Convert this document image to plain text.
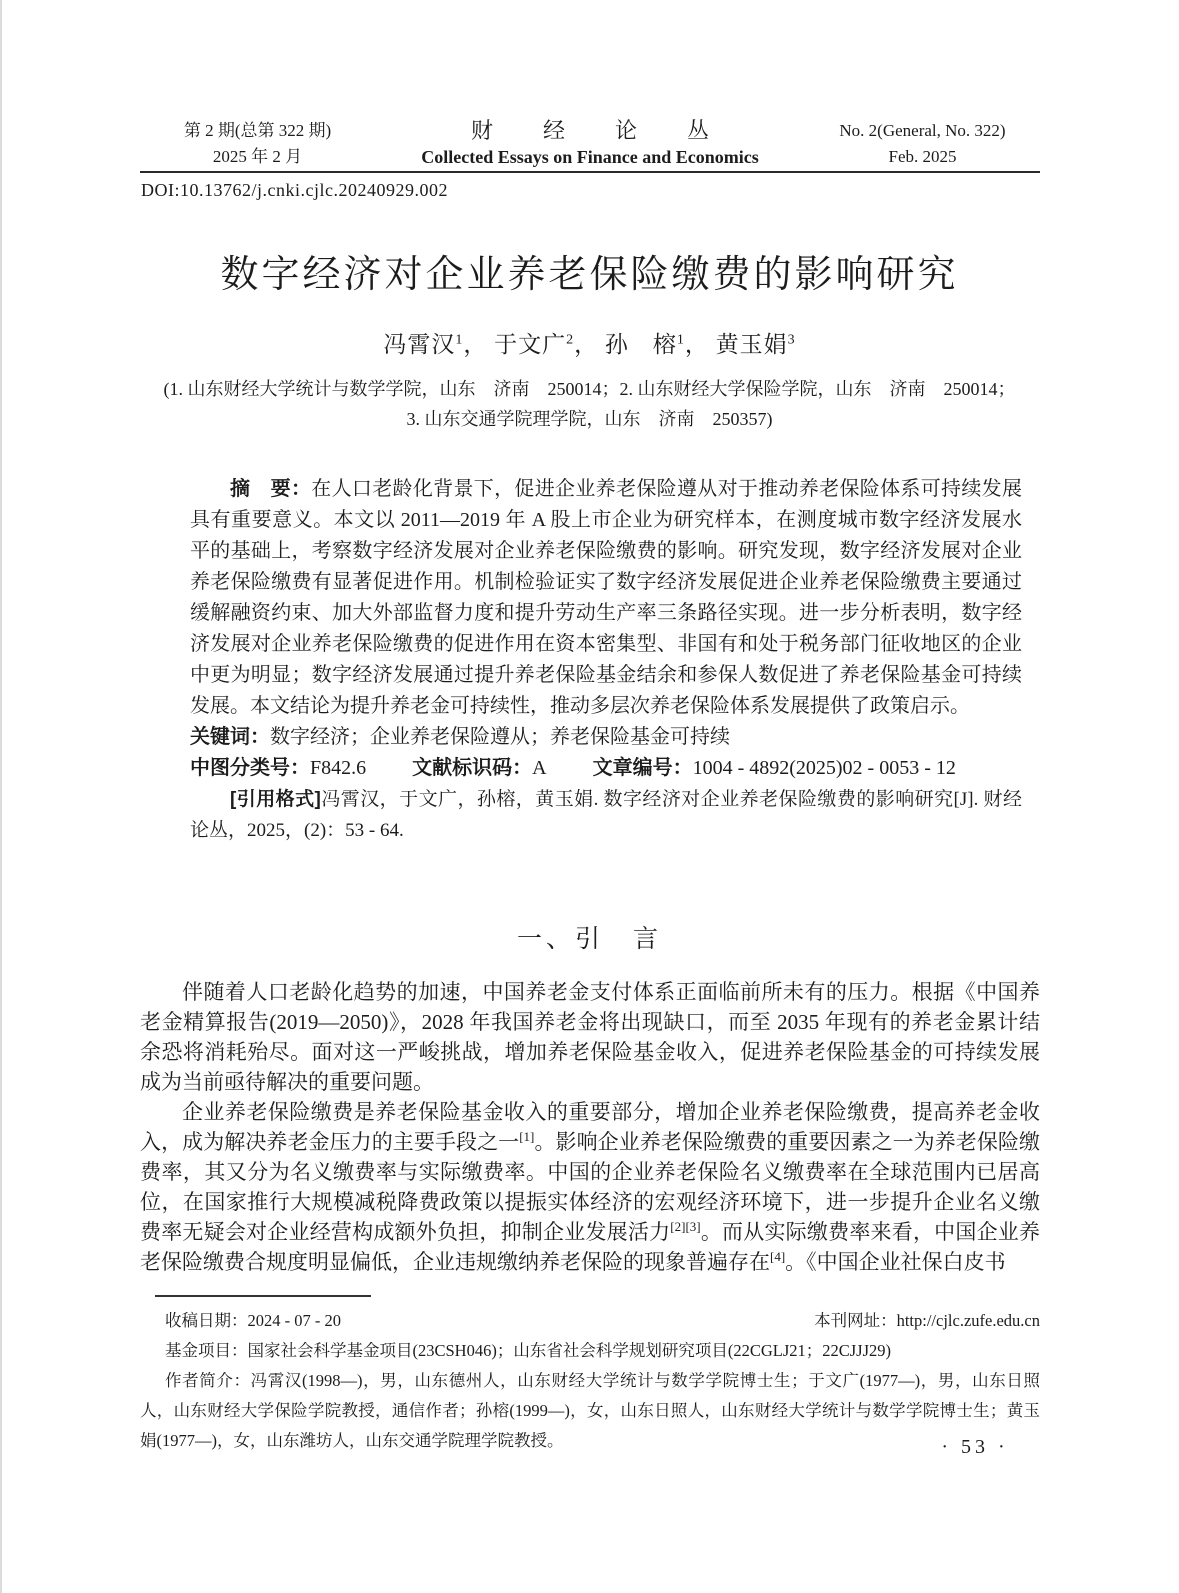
第 2 期(总第 322 期)
2025 年 2 月
财　经　论　丛
Collected Essays on Finance and Economics
No. 2(General, No. 322)
Feb. 2025
DOI:10.13762/j.cnki.cjlc.20240929.002
数字经济对企业养老保险缴费的影响研究
冯霄汉$^1$， 于文广$^2$， 孙　榕$^1$， 黄玉娟$^3$
(1. 山东财经大学统计与数学学院，山东　济南　250014；2. 山东财经大学保险学院，山东　济南　250014；
3. 山东交通学院理学院，山东　济南　250357)

摘　要：在人口老龄化背景下，促进企业养老保险遵从对于推动养老保险体系可持续发展具有重要意义。本文以 2011—2019 年 A 股上市企业为研究样本，在测度城市数字经济发展水平的基础上，考察数字经济发展对企业养老保险缴费的影响。研究发现，数字经济发展对企业养老保险缴费有显著促进作用。机制检验证实了数字经济发展促进企业养老保险缴费主要通过缓解融资约束、加大外部监督力度和提升劳动生产率三条路径实现。进一步分析表明，数字经济发展对企业养老保险缴费的促进作用在资本密集型、非国有和处于税务部门征收地区的企业中更为明显；数字经济发展通过提升养老保险基金结余和参保人数促进了养老保险基金可持续发展。本文结论为提升养老金可持续性，推动多层次养老保险体系发展提供了政策启示。

关键词：数字经济；企业养老保险遵从；养老保险基金可持续

中图分类号：F842.6 文献标识码：A 文章编号：1004 - 4892(2025)02 - 0053 - 12

[引用格式]冯霄汉，于文广，孙榕，黄玉娟. 数字经济对企业养老保险缴费的影响研究[J]. 财经论丛，2025，(2)：53 - 64.

一、引　言

伴随着人口老龄化趋势的加速，中国养老金支付体系正面临前所未有的压力。根据《中国养老金精算报告(2019—2050)》，2028 年我国养老金将出现缺口，而至 2035 年现有的养老金累计结余恐将消耗殆尽。面对这一严峻挑战，增加养老保险基金收入，促进养老保险基金的可持续发展成为当前亟待解决的重要问题。

企业养老保险缴费是养老保险基金收入的重要部分，增加企业养老保险缴费，提高养老金收入，成为解决养老金压力的主要手段之一[1]。影响企业养老保险缴费的重要因素之一为养老保险缴费率，其又分为名义缴费率与实际缴费率。中国的企业养老保险名义缴费率在全球范围内已居高位，在国家推行大规模减税降费政策以提振实体经济的宏观经济环境下，进一步提升企业名义缴费率无疑会对企业经营构成额外负担，抑制企业发展活力[2][3]。而从实际缴费率来看，中国企业养老保险缴费合规度明显偏低，企业违规缴纳养老保险的现象普遍存在[4]。《中国企业社保白皮书

收稿日期：2024 - 07 - 20	本刊网址：http://cjlc.zufe.edu.cn

基金项目：国家社会科学基金项目(23CSH046)；山东省社会科学规划研究项目(22CGLJ21；22CJJJ29)

作者简介：冯霄汉(1998—)，男，山东德州人，山东财经大学统计与数学学院博士生；于文广(1977—)，男，山东日照人，山东财经大学保险学院教授，通信作者；孙榕(1999—)，女，山东日照人，山东财经大学统计与数学学院博士生；黄玉娟(1977—)，女，山东潍坊人，山东交通学院理学院教授。	· 53 ·
